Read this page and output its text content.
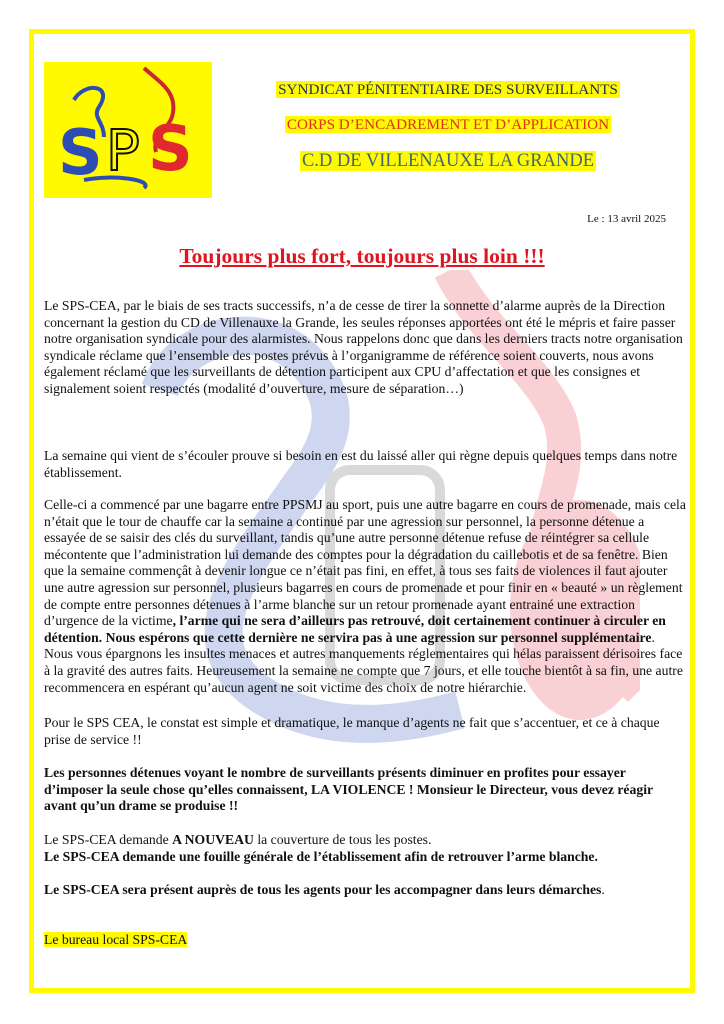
S P S
SYNDICAT PÉNITENTIAIRE DES SURVEILLANTS
CORPS D’ENCADREMENT ET D’APPLICATION
C.D DE VILLENAUXE LA GRANDE
Le : 13 avril 2025
Toujours plus fort, toujours plus loin !!!

Le SPS-CEA, par le biais de ses tracts successifs, n’a de cesse de tirer la sonnette d’alarme auprès de la Direction concernant la gestion du CD de Villenauxe la Grande, les seules réponses apportées ont été le mépris et faire passer notre organisation syndicale pour des alarmistes. Nous rappelons donc que dans les derniers tracts notre organisation syndicale réclame que l’ensemble des postes prévus à l’organigramme de référence soient couverts, nous avons également réclamé que les surveillants de détention participent aux CPU d’affectation et que les consignes et signalement soient respectés (modalité d’ouverture, mesure de séparation…)

La semaine qui vient de s’écouler prouve si besoin en est du laissé aller qui règne depuis quelques temps dans notre établissement.

Celle-ci a commencé par une bagarre entre PPSMJ au sport, puis une autre bagarre en cours de promenade, mais cela n’était que le tour de chauffe car la semaine a continué par une agression sur personnel, la personne détenue a essayée de se saisir des clés du surveillant, tandis qu’une autre personne détenue refuse de réintégrer sa cellule mécontente que l’administration lui demande des comptes pour la dégradation du caillebotis et de sa fenêtre. Bien que la semaine commençât à devenir longue ce n’était pas fini, en effet, à tous ses faits de violences il faut ajouter une autre agression sur personnel, plusieurs bagarres en cours de promenade et pour finir en « beauté » un règlement de compte entre personnes détenues à l’arme blanche sur un retour promenade ayant entrainé une extraction d’urgence de la victime, l’arme qui ne sera d’ailleurs pas retrouvé, doit certainement continuer à circuler en détention. Nous espérons que cette dernière ne servira pas à une agression sur personnel supplémentaire. Nous vous épargnons les insultes menaces et autres manquements réglementaires qui hélas paraissent dérisoires face à la gravité des autres faits. Heureusement la semaine ne compte que 7 jours, et elle touche bientôt à sa fin, une autre recommencera en espérant qu’aucun agent ne soit victime des choix de notre hiérarchie.

Pour le SPS CEA, le constat est simple et dramatique, le manque d’agents ne fait que s’accentuer, et ce à chaque prise de service !!

Les personnes détenues voyant le nombre de surveillants présents diminuer en profites pour essayer d’imposer la seule chose qu’elles connaissent, LA VIOLENCE ! Monsieur le Directeur, vous devez réagir avant qu’un drame se produise !!

Le SPS-CEA demande A NOUVEAU la couverture de tous les postes.

Le SPS-CEA demande une fouille générale de l’établissement afin de retrouver l’arme blanche.

Le SPS-CEA sera présent auprès de tous les agents pour les accompagner dans leurs démarches.

Le bureau local SPS-CEA
